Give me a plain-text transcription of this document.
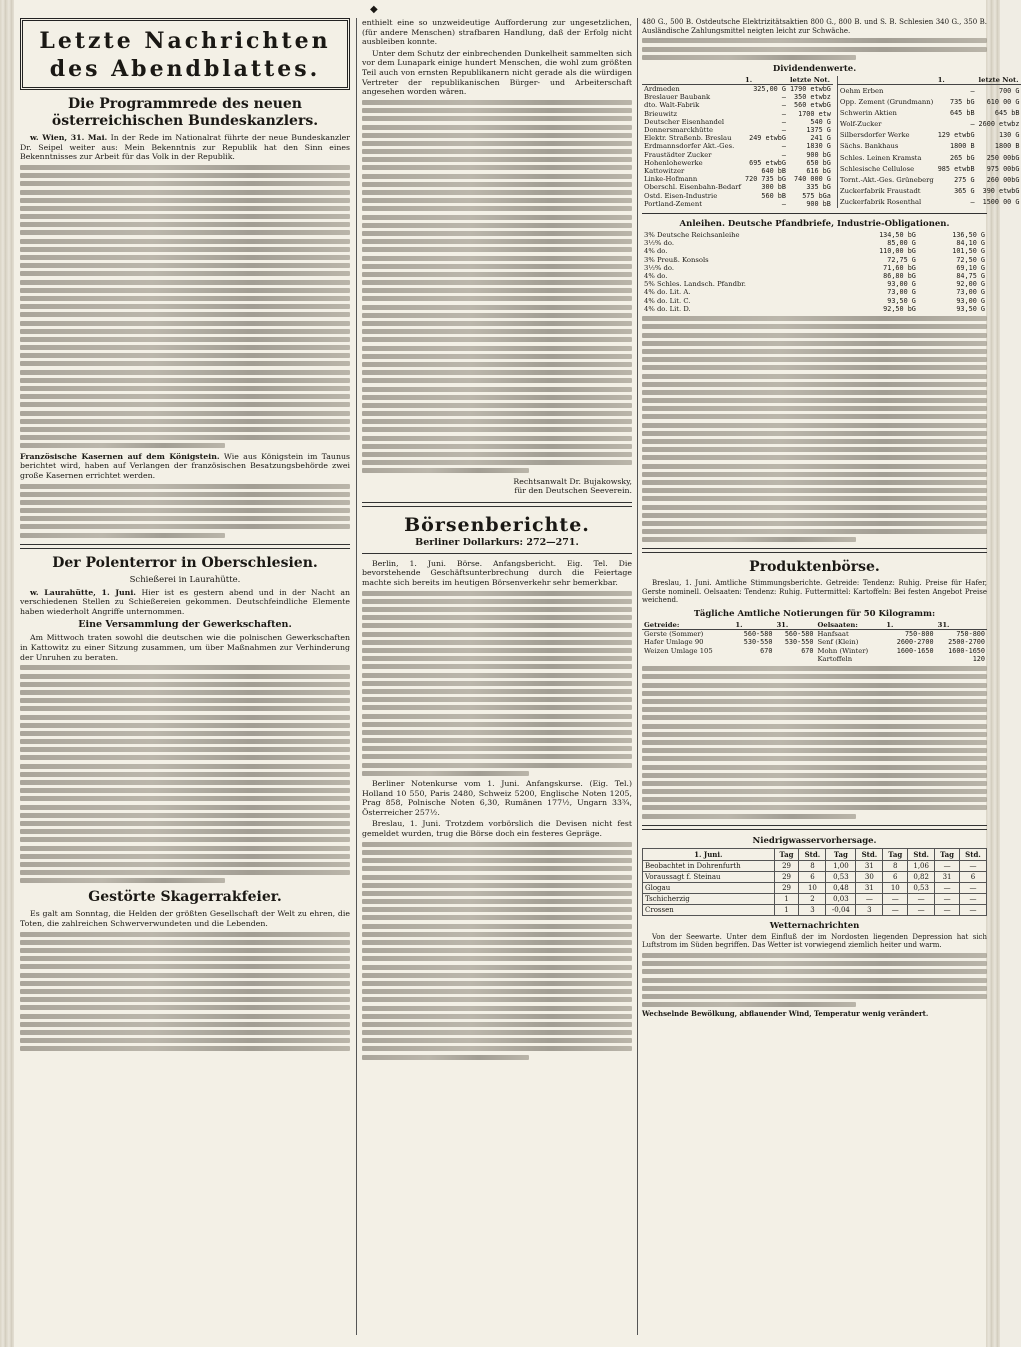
◆
Letzte Nachrichten
des Abendblattes.
Die Programmrede des neuen österreichischen Bundeskanzlers.

w. Wien, 31. Mai. In der Rede im Nationalrat führte der neue Bundeskanzler Dr. Seipel weiter aus: Mein Bekenntnis zur Republik hat den Sinn eines Bekenntnisses zur Arbeit für das Volk in der Republik.

Französische Kasernen auf dem Königstein. Wie aus Königstein im Taunus berichtet wird, haben auf Verlangen der französischen Besatzungsbehörde zwei große Kasernen errichtet werden.

Der Polenterror in Oberschlesien.
Schießerei in Laurahütte.

w. Laurahütte, 1. Juni. Hier ist es gestern abend und in der Nacht an verschiedenen Stellen zu Schießereien gekommen. Deutschfeindliche Elemente haben wiederholt Angriffe unternommen.

Eine Versammlung der Gewerkschaften.

Am Mittwoch traten sowohl die deutschen wie die polnischen Gewerkschaften in Kattowitz zu einer Sitzung zusammen, um über Maßnahmen zur Verhinderung der Unruhen zu beraten.

Gestörte Skagerrakfeier.

Es galt am Sonntag, die Helden der größten Gesellschaft der Welt zu ehren, die Toten, die zahlreichen Schwerverwundeten und die Lebenden.

enthielt eine so unzweideutige Aufforderung zur ungesetzlichen, (für andere Menschen) strafbaren Handlung, daß der Erfolg nicht ausbleiben konnte.

Unter dem Schutz der einbrechenden Dunkelheit sammelten sich vor dem Lunapark einige hundert Menschen, die wohl zum größten Teil auch von ernsten Republikanern nicht gerade als die würdigen Vertreter der republikanischen Bürger- und Arbeiterschaft angesehen worden wären.

Rechtsanwalt Dr. Bujakowsky,
für den Deutschen Seeverein.
Börsenberichte.
Berliner Dollarkurs: 272—271.

Berlin, 1. Juni. Börse. Anfangsbericht. Eig. Tel. Die bevorstehende Geschäftsunterbrechung durch die Feiertage machte sich bereits im heutigen Börsenverkehr sehr bemerkbar.

Berliner Notenkurse vom 1. Juni. Anfangskurse. (Eig. Tel.) Holland 10 550, Paris 2480, Schweiz 5200, Englische Noten 1205, Prag 858, Polnische Noten 6,30, Rumänen 177½, Ungarn 33¾, Österreicher 257½.

Breslau, 1. Juni. Trotzdem vorbörslich die Devisen nicht fest gemeldet wurden, trug die Börse doch ein festeres Gepräge.

480 G., 500 B. Ostdeutsche Elektrizitätsaktien 800 G., 800 B. und S. B. Schlesien 340 G., 350 B. Ausländische Zahlungsmittel neigten leicht zur Schwäche.

Dividendenwerte.
	1.	letzte Not.
Ardmeden	325,00 G	1790 etwbG
Breslauer Baubank	—	350 etwbz
dto. Walt-Fabrik	—	560 etwbG
Brieuwitz	—	1700 etw
Deutscher Eisenhandel	—	540 G
Donnersmarckhütte	—	1375 G
Elektr. Straßenb. Breslau	249 etwbG	241 G
Erdmannsdorfer Akt.-Ges.	—	1830 G
Fraustädter Zucker	—	900 bG
Hohenlohewerke	695 etwbG	650 bG
Kattowitzer	640 bB	616 bG
Linke-Hofmann	720 735 bG	740 000 G
Oberschl. Eisenbahn-Bedarf	300 bB	335 bG
Ostd. Eisen-Industrie	560 bB	575 bGa
Portland-Zement	—	900 bB
	1.	letzte Not.
Oehm Erben	—	700 G
Opp. Zement (Grundmann)	735 bG	610 00 G
Schwerin Aktien	645 bB	645 bB
Wolf-Zucker	—	2600 etwbz
Silbersdorfer Werke	129 etwbG	130 G
Sächs. Bankhaus	1800 B	1800 B
Schles. Leinen Kramsta	265 bG	250 00bG
Schlesische Cellulose	985 etwbB	975 00bG
Tornt.-Akt.-Ges. Grüneberg	275 G	260 00bG
Zuckerfabrik Fraustadt	365 G	390 etwbG
Zuckerfabrik Rosenthal	—	1500 00 G
Anleihen. Deutsche Pfandbriefe, Industrie-Obligationen.
3% Deutsche Reichsanleihe	134,50 bG	136,50 G
3½% do.	85,00 G	84,10 G
4% do.	110,00 bG	101,50 G
3% Preuß. Konsols	72,75 G	72,50 G
3½% do.	71,60 bG	69,10 G
4% do.	86,80 bG	84,75 G
5% Schles. Landsch. Pfandbr.	93,00 G	92,00 G
4% do. Lit. A.	73,00 G	73,00 G
4% do. Lit. C.	93,50 G	93,00 G
4% do. Lit. D.	92,50 bG	93,50 G
Produktenbörse.

Breslau, 1. Juni. Amtliche Stimmungsberichte. Getreide: Tendenz: Ruhig. Preise für Hafer, Gerste nominell. Oelsaaten: Tendenz: Ruhig. Futtermittel: Kartoffeln: Bei festen Angebot Preise weichend.

Tägliche Amtliche Notierungen für 50 Kilogramm:
Getreide:	1.	31.	Oelsaaten:	1.	31.
Gerste (Sommer)	560-580	560-580	Hanfsaat	750-800	750-800
Hafer Umlage 90	530-550	530-550	Senf (Klein)	2600-2700	2500-2700
Weizen Umlage 105	670	670	Mohn (Winter)	1600-1650	1600-1650
			Kartoffeln		120
Niedrigwasservorhersage.
1. Juni.	Tag	Std.	Tag	Std.	Tag	Std.	Tag	Std.
Beobachtet in Dohrenfurth	29	8	1,00	31	8	1,06	—	—
Voraussagt f. Steinau	29	6	0,53	30	6	0,82	31	6
Glogau	29	10	0,48	31	10	0,53	—	—
Tschicherzig	1	2	0,03	—	—	—	—	—
Crossen	1	3	-0,04	3	—	—	—	—
Wetternachrichten

Von der Seewarte. Unter dem Einfluß der im Nordosten liegenden Depression hat sich Luftstrom im Süden begriffen. Das Wetter ist vorwiegend ziemlich heiter und warm.

Wechselnde Bewölkung, abflauender Wind, Temperatur wenig verändert.
